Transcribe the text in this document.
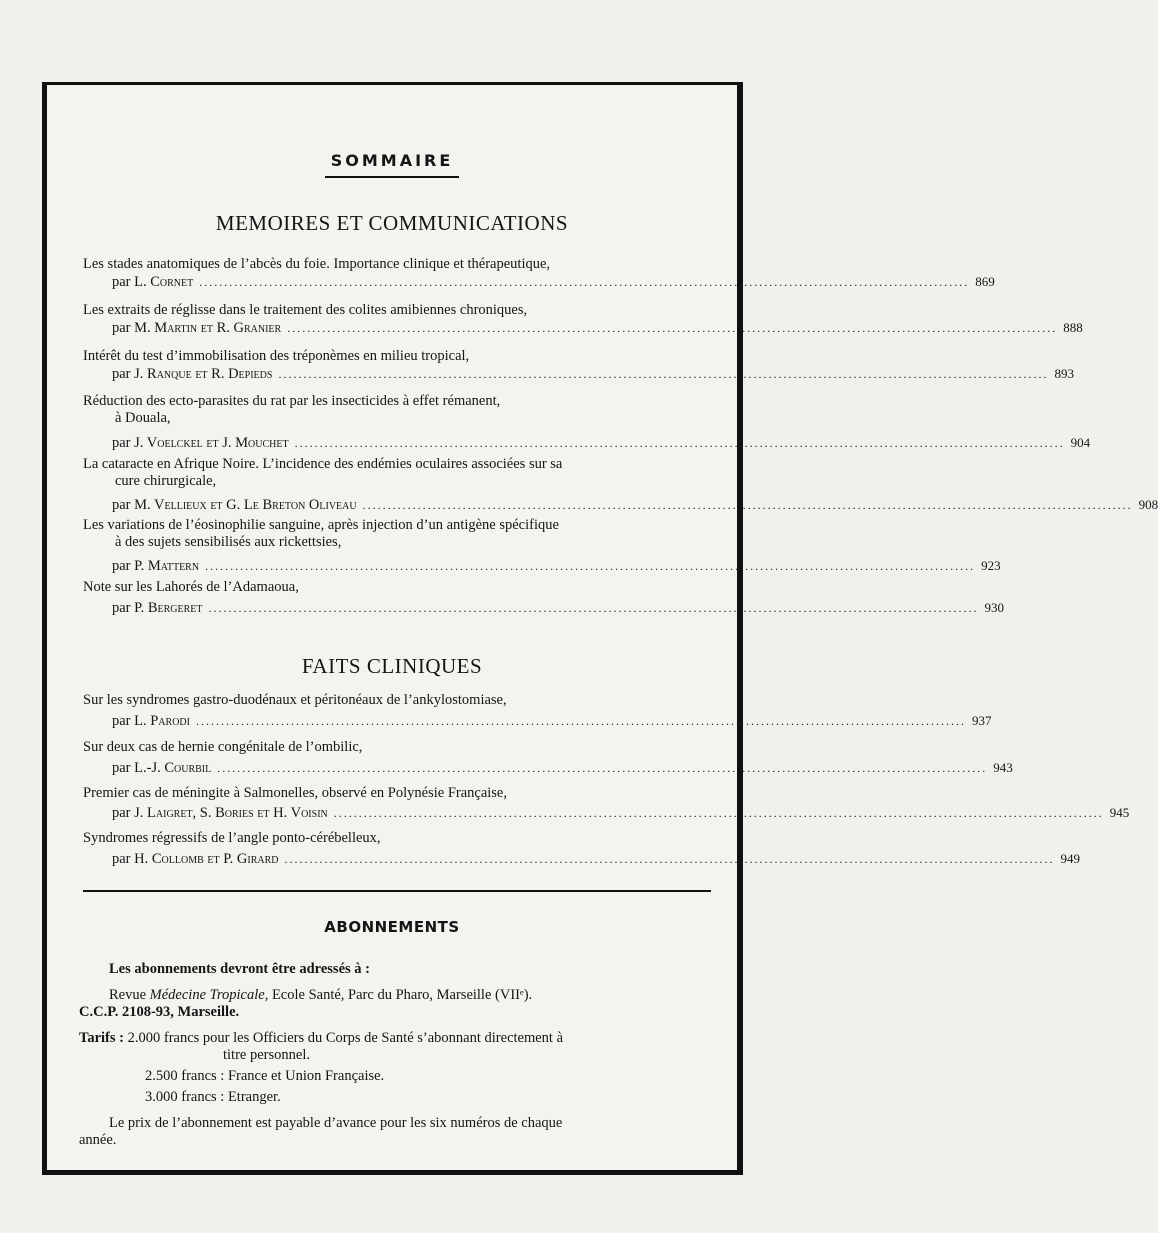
SOMMAIRE
MEMOIRES ET COMMUNICATIONS
Les stades anatomiques de l’abcès du foie. Importance clinique et thérapeutique,
par L. Cornet .......................................................................................................................................................... 869
Les extraits de réglisse dans le traitement des colites amibiennes chroniques,
par M. Martin et R. Granier .......................................................................................................................................................... 888
Intérêt du test d’immobilisation des tréponèmes en milieu tropical,
par J. Ranque et R. Depieds .......................................................................................................................................................... 893
Réduction des ecto-parasites du rat par les insecticides à effet rémanent,
à Douala,
par J. Voelckel et J. Mouchet .......................................................................................................................................................... 904
La cataracte en Afrique Noire. L’incidence des endémies oculaires associées sur sa
cure chirurgicale,
par M. Vellieux et G. Le Breton Oliveau .......................................................................................................................................................... 908
Les variations de l’éosinophilie sanguine, après injection d’un antigène spécifique
à des sujets sensibilisés aux rickettsies,
par P. Mattern .......................................................................................................................................................... 923
Note sur les Lahorés de l’Adamaoua,
par P. Bergeret .......................................................................................................................................................... 930
FAITS CLINIQUES
Sur les syndromes gastro-duodénaux et péritonéaux de l’ankylostomiase,
par L. Parodi .......................................................................................................................................................... 937
Sur deux cas de hernie congénitale de l’ombilic,
par L.-J. Courbil .......................................................................................................................................................... 943
Premier cas de méningite à Salmonelles, observé en Polynésie Française,
par J. Laigret, S. Bories et H. Voisin .......................................................................................................................................................... 945
Syndromes régressifs de l’angle ponto-cérébelleux,
par H. Collomb et P. Girard .......................................................................................................................................................... 949
ABONNEMENTS
Les abonnements devront être adressés à :
Revue Médecine Tropicale, Ecole Santé, Parc du Pharo, Marseille (VIIᵉ).
C.C.P. 2108-93, Marseille.
Tarifs : 2.000 francs pour les Officiers du Corps de Santé s’abonnant directement à
titre personnel.
2.500 francs : France et Union Française.
3.000 francs : Etranger.
Le prix de l’abonnement est payable d’avance pour les six numéros de chaque
année.
